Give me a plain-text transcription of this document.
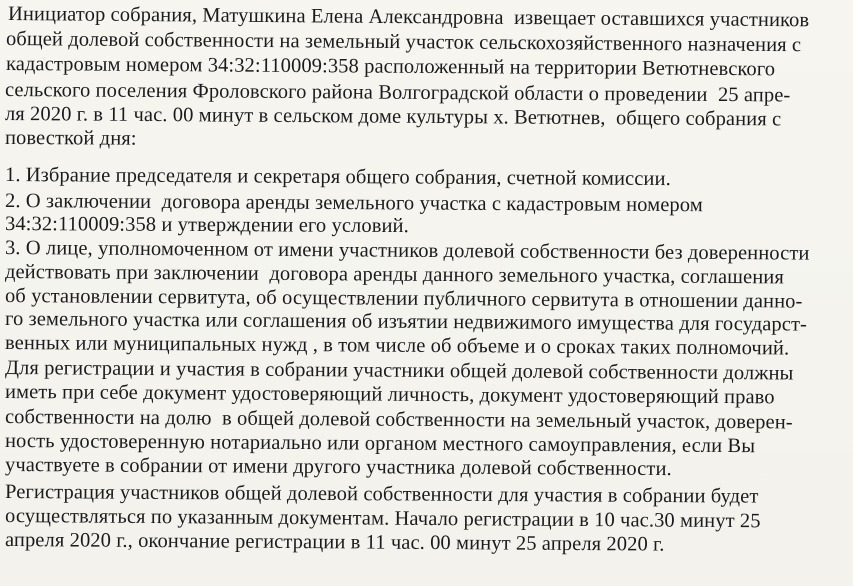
Инициатор собрания, Матушкина Елена Александровна  извещает оставшихся участников
общей долевой собственности на земельный участок сельскохозяйственного назначения с
кадастровым номером 34:32:110009:358 расположенный на территории Ветютневского
сельского поселения Фроловского района Волгоградской области о проведении  25 апре-
ля 2020 г. в 11 час. 00 минут в сельском доме культуры х. Ветютнев,  общего собрания с
повесткой дня:
1. Избрание председателя и секретаря общего собрания, счетной комиссии.
2. О заключении  договора аренды земельного участка с кадастровым номером
34:32:110009:358 и утверждении его условий.
3. О лице, уполномоченном от имени участников долевой собственности без доверенности
действовать при заключении  договора аренды данного земельного участка, соглашения
об установлении сервитута, об осуществлении публичного сервитута в отношении данно-
го земельного участка или соглашения об изъятии недвижимого имущества для государст-
венных или муниципальных нужд , в том числе об объеме и о сроках таких полномочий.
Для регистрации и участия в собрании участники общей долевой собственности должны
иметь при себе документ удостоверяющий личность, документ удостоверяющий право
собственности на долю  в общей долевой собственности на земельный участок, доверен-
ность удостоверенную нотариально или органом местного самоуправления, если Вы
участвуете в собрании от имени другого участника долевой собственности.
Регистрация участников общей долевой собственности для участия в собрании будет
осуществляться по указанным документам. Начало регистрации в 10 час.30 минут 25
апреля 2020 г., окончание регистрации в 11 час. 00 минут 25 апреля 2020 г.
